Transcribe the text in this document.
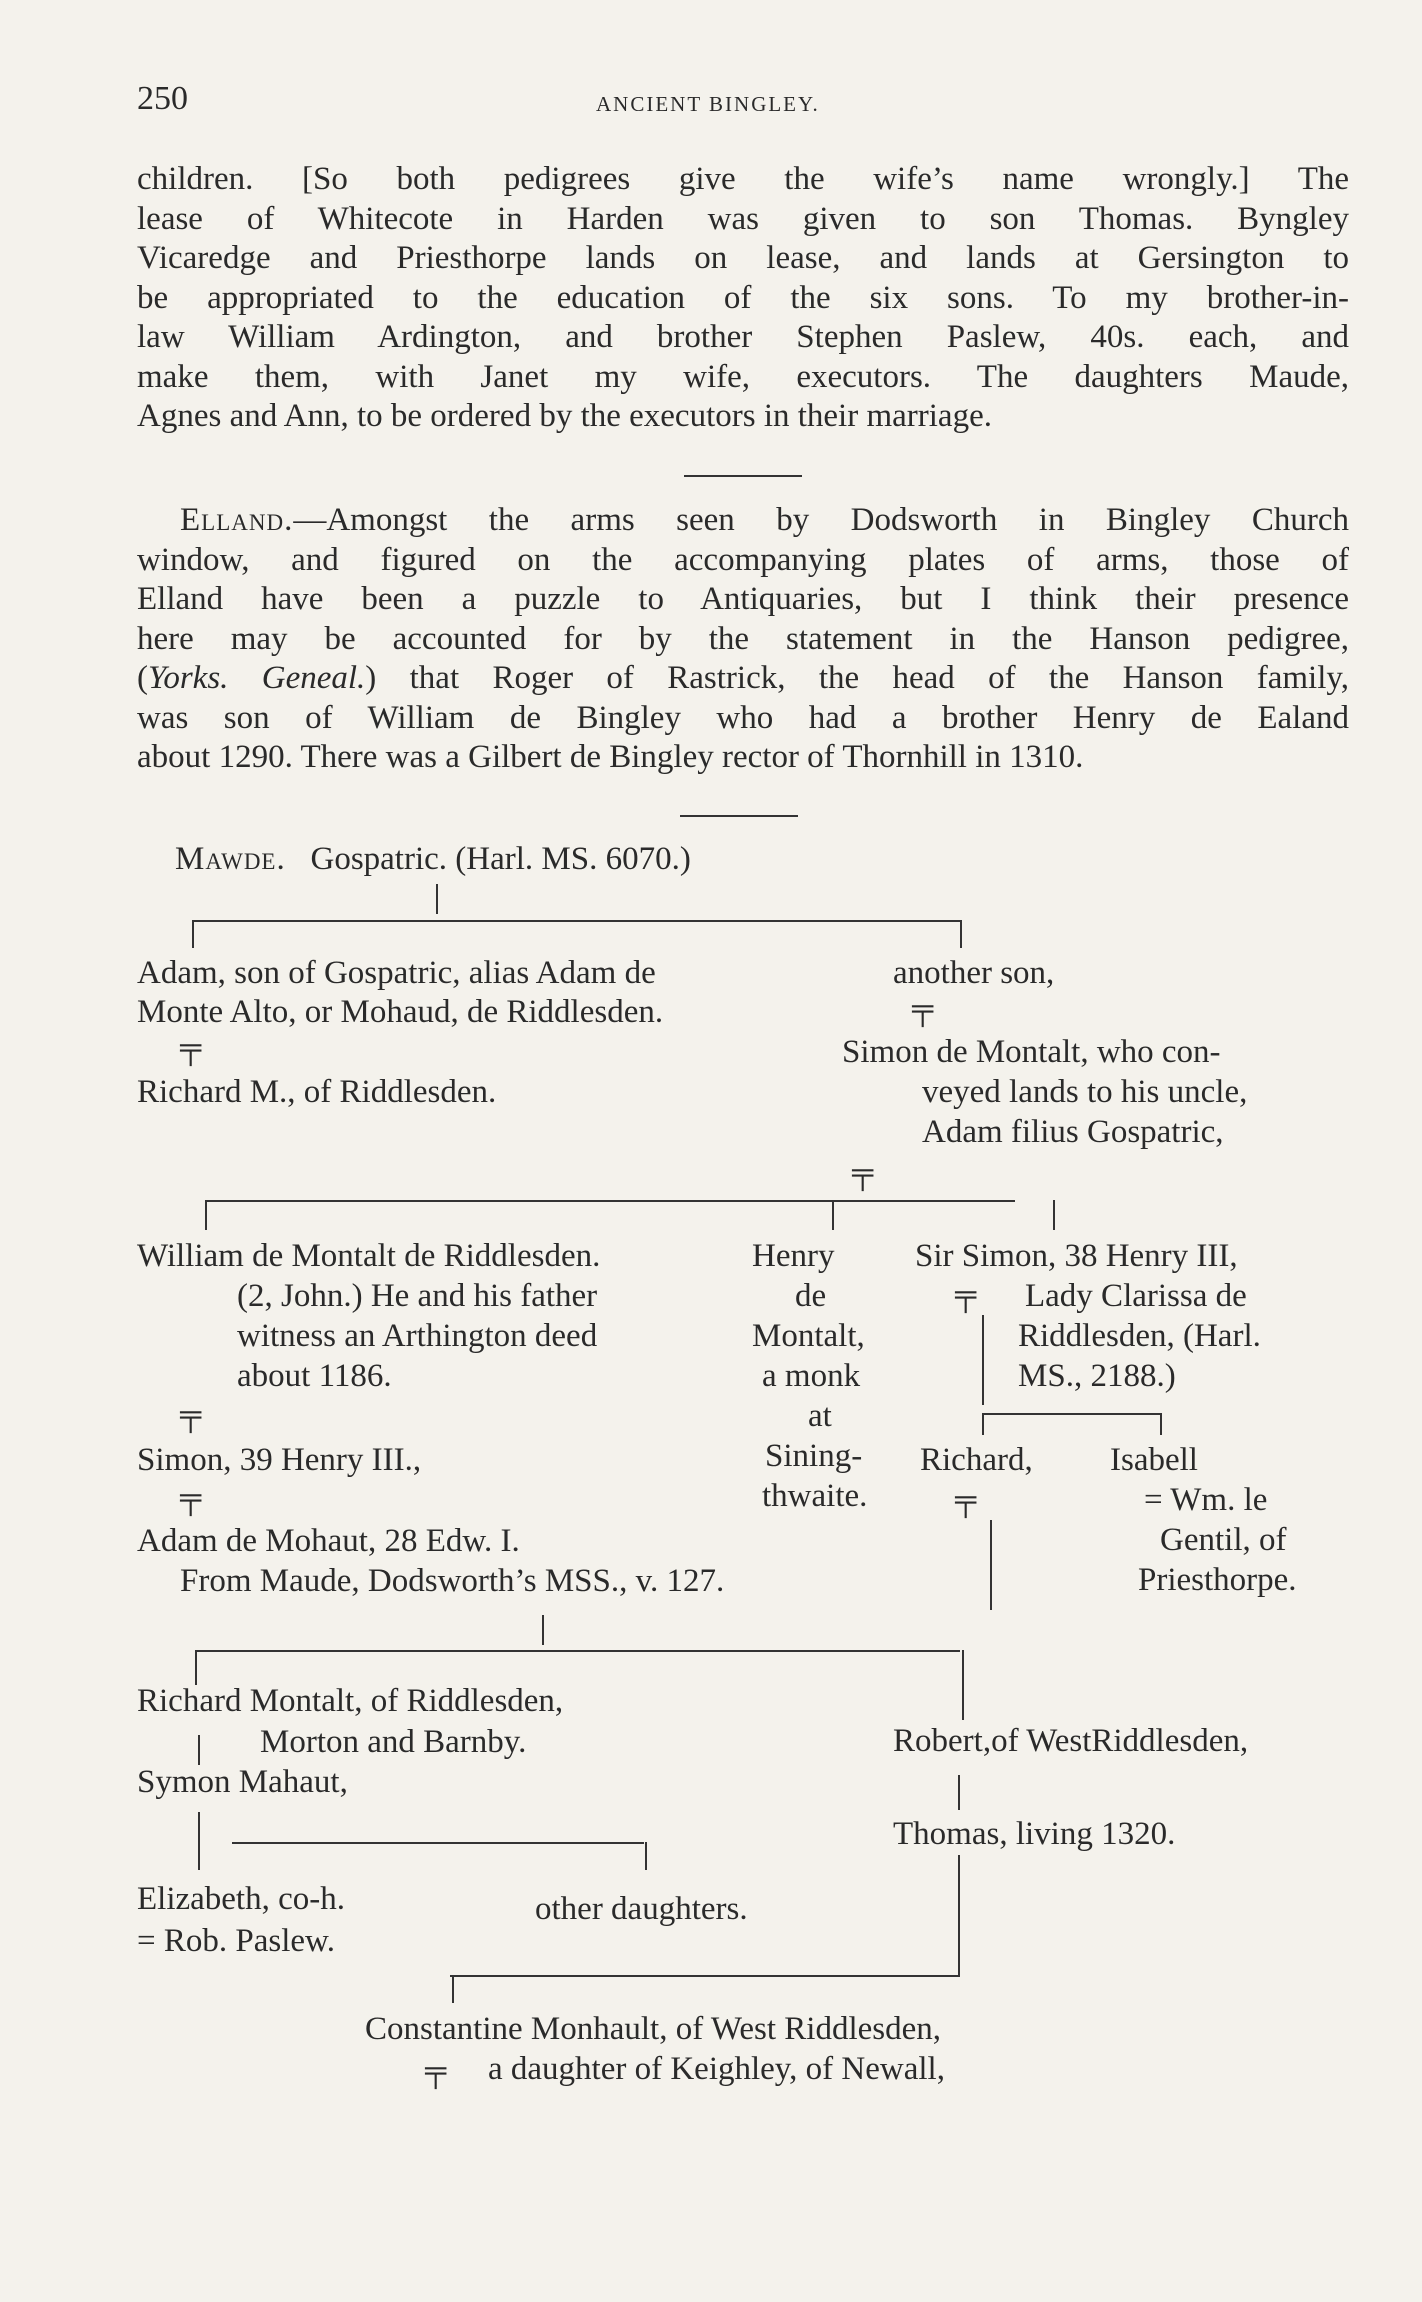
250	ANCIENT BINGLEY.

children. [So both pedigrees give the wife’s name wrongly.] The
lease of Whitecote in Harden was given to son Thomas. Byngley
Vicaredge and Priesthorpe lands on lease, and lands at Gersington to
be appropriated to the education of the six sons. To my brother-in-
law William Ardington, and brother Stephen Paslew, 40s. each, and
make them, with Janet my wife, executors. The daughters Maude,
Agnes and Ann, to be ordered by the executors in their marriage.

Elland.—Amongst the arms seen by Dodsworth in Bingley Church

window, and figured on the accompanying plates of arms, those of

Elland have been a puzzle to Antiquaries, but I think their presence

here may be accounted for by the statement in the Hanson pedigree,

(Yorks. Geneal.) that Roger of Rastrick, the head of the Hanson family,

was son of William de Bingley who had a brother Henry de Ealand

about 1290. There was a Gilbert de Bingley rector of Thornhill in 1310.

Mawde. Gospatric. (Harl. MS. 6070.)
Adam, son of Gospatric, alias Adam de
Monte Alto, or Mohaud, de Riddlesden.
╤
Richard M., of Riddlesden.
another son,
╤
Simon de Montalt, who con-
veyed lands to his uncle,
Adam filius Gospatric,
╤
William de Montalt de Riddlesden.
(2, John.) He and his father
witness an Arthington deed
about 1186.
╤
Simon, 39 Henry III.,
╤
Adam de Mohaut, 28 Edw. I.
From Maude, Dodsworth’s MSS., v. 127.
Henry
de
Montalt,
a monk
at
Sining-
thwaite.
Sir Simon, 38 Henry III,
╤ Lady Clarissa de
Riddlesden, (Harl.
MS., 2188.)
Richard, Isabell
╤	= Wm. le
Gentil, of
Priesthorpe.
Richard Montalt, of Riddlesden,
Morton and Barnby.
Symon Mahaut,
Elizabeth, co-h.	other daughters.
= Rob. Paslew.
Robert,of WestRiddlesden,
Thomas, living 1320.
Constantine Monhault, of West Riddlesden,
╤ a daughter of Keighley, of Newall,
